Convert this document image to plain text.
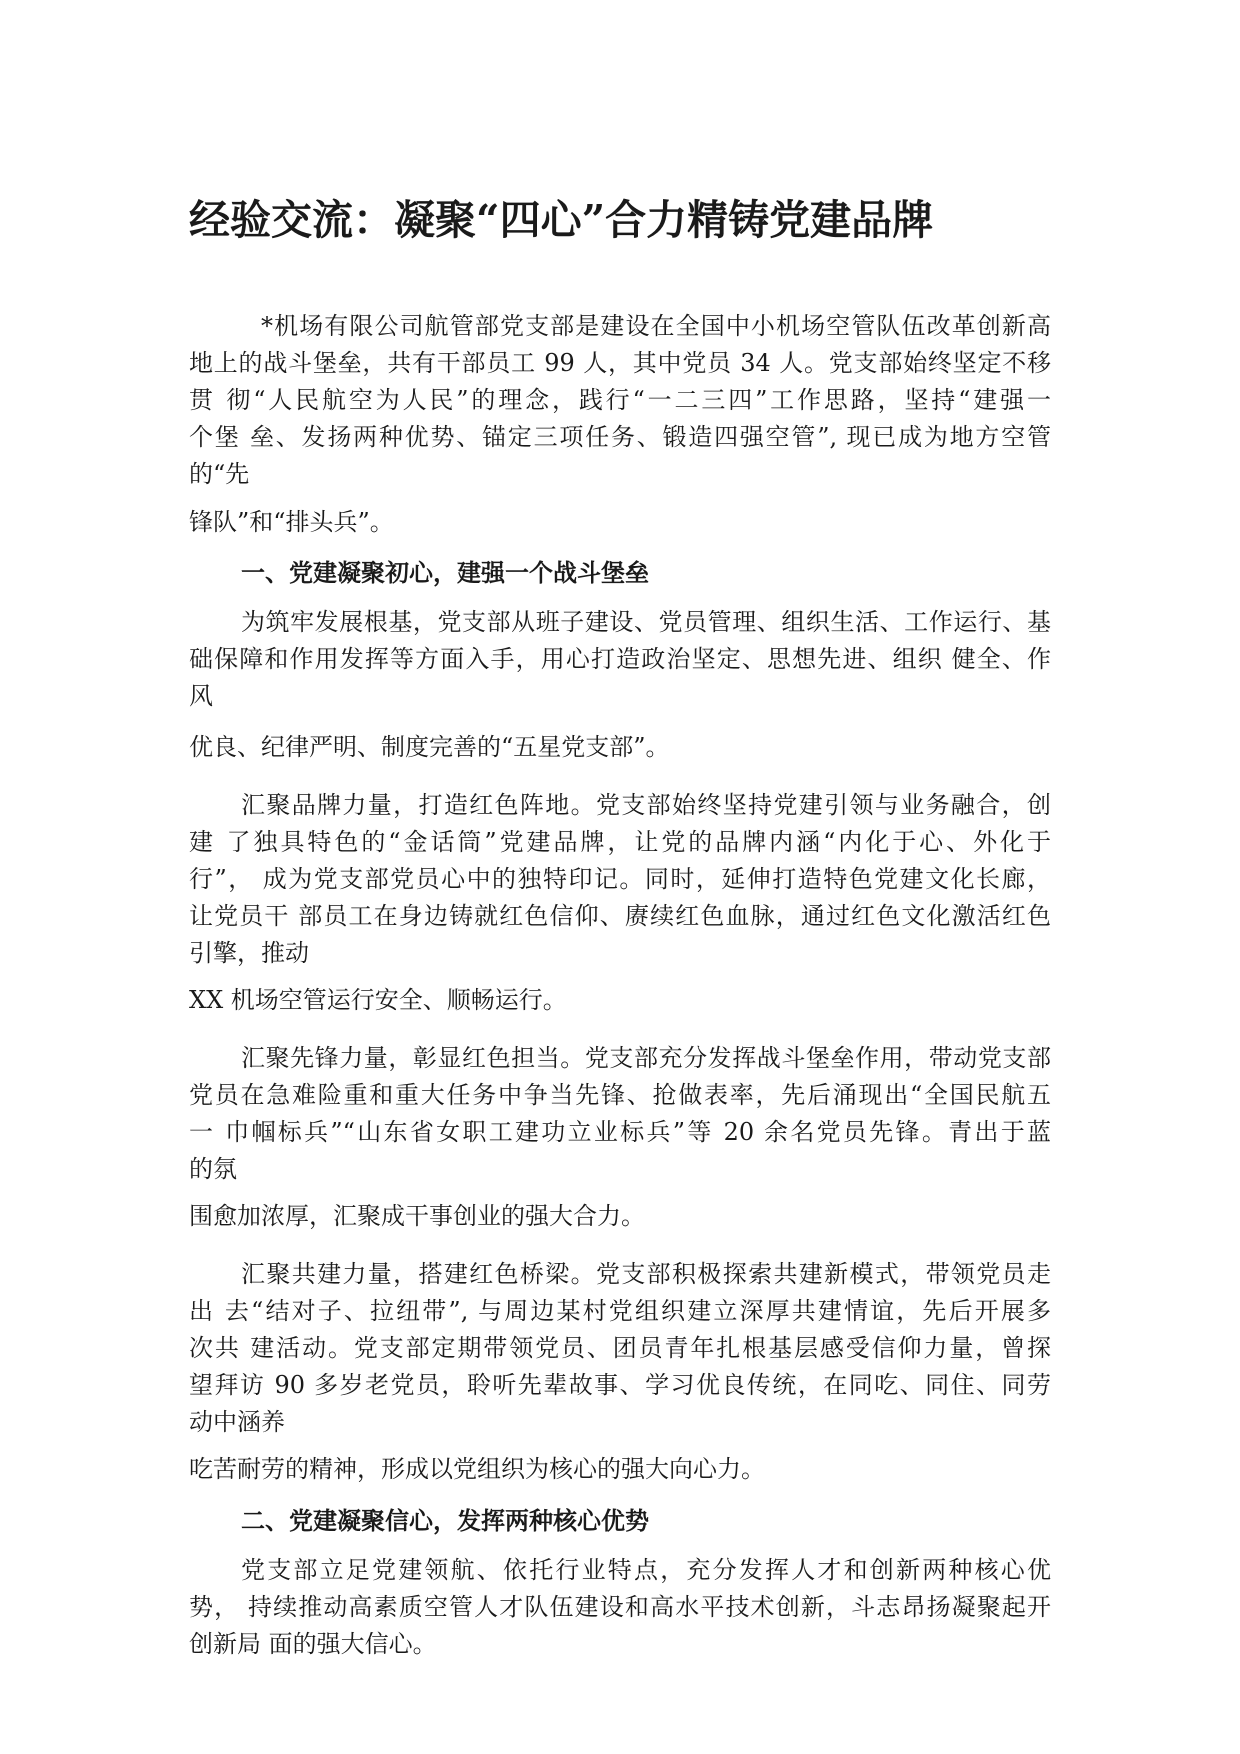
经验交流：凝聚“四心”合力精铸党建品牌
*机场有限公司航管部党支部是建设在全国中小机场空管队伍改革创新高
地上的战斗堡垒，共有干部员工 99 人，其中党员 34 人。党支部始终坚定不移
贯 彻“人民航空为人民”的理念，践行“一二三四”工作思路，坚持“建强一
个堡 垒、发扬两种优势、锚定三项任务、锻造四强空管”, 现已成为地方空管
的“先
锋队”和“排头兵”。

一、党建凝聚初心，建强一个战斗堡垒

为筑牢发展根基，党支部从班子建设、党员管理、组织生活、工作运行、基
础保障和作用发挥等方面入手，用心打造政治坚定、思想先进、组织 健全、作
风
优良、纪律严明、制度完善的“五星党支部”。
汇聚品牌力量，打造红色阵地。党支部始终坚持党建引领与业务融合，创
建 了独具特色的“金话筒”党建品牌，让党的品牌内涵“内化于心、外化于
行”， 成为党支部党员心中的独特印记。同时，延伸打造特色党建文化长廊，
让党员干 部员工在身边铸就红色信仰、赓续红色血脉，通过红色文化激活红色
引擎，推动
XX 机场空管运行安全、顺畅运行。
汇聚先锋力量，彰显红色担当。党支部充分发挥战斗堡垒作用，带动党支部
党员在急难险重和重大任务中争当先锋、抢做表率，先后涌现出“全国民航五
一 巾帼标兵”“山东省女职工建功立业标兵”等 20 余名党员先锋。青出于蓝
的氛
围愈加浓厚，汇聚成干事创业的强大合力。
汇聚共建力量，搭建红色桥梁。党支部积极探索共建新模式，带领党员走
出 去“结对子、拉纽带”, 与周边某村党组织建立深厚共建情谊，先后开展多
次共 建活动。党支部定期带领党员、团员青年扎根基层感受信仰力量，曾探
望拜访 90 多岁老党员，聆听先辈故事、学习优良传统，在同吃、同住、同劳
动中涵养
吃苦耐劳的精神，形成以党组织为核心的强大向心力。

二、党建凝聚信心，发挥两种核心优势

党支部立足党建领航、依托行业特点，充分发挥人才和创新两种核心优
势， 持续推动高素质空管人才队伍建设和高水平技术创新，斗志昂扬凝聚起开
创新局 面的强大信心。
